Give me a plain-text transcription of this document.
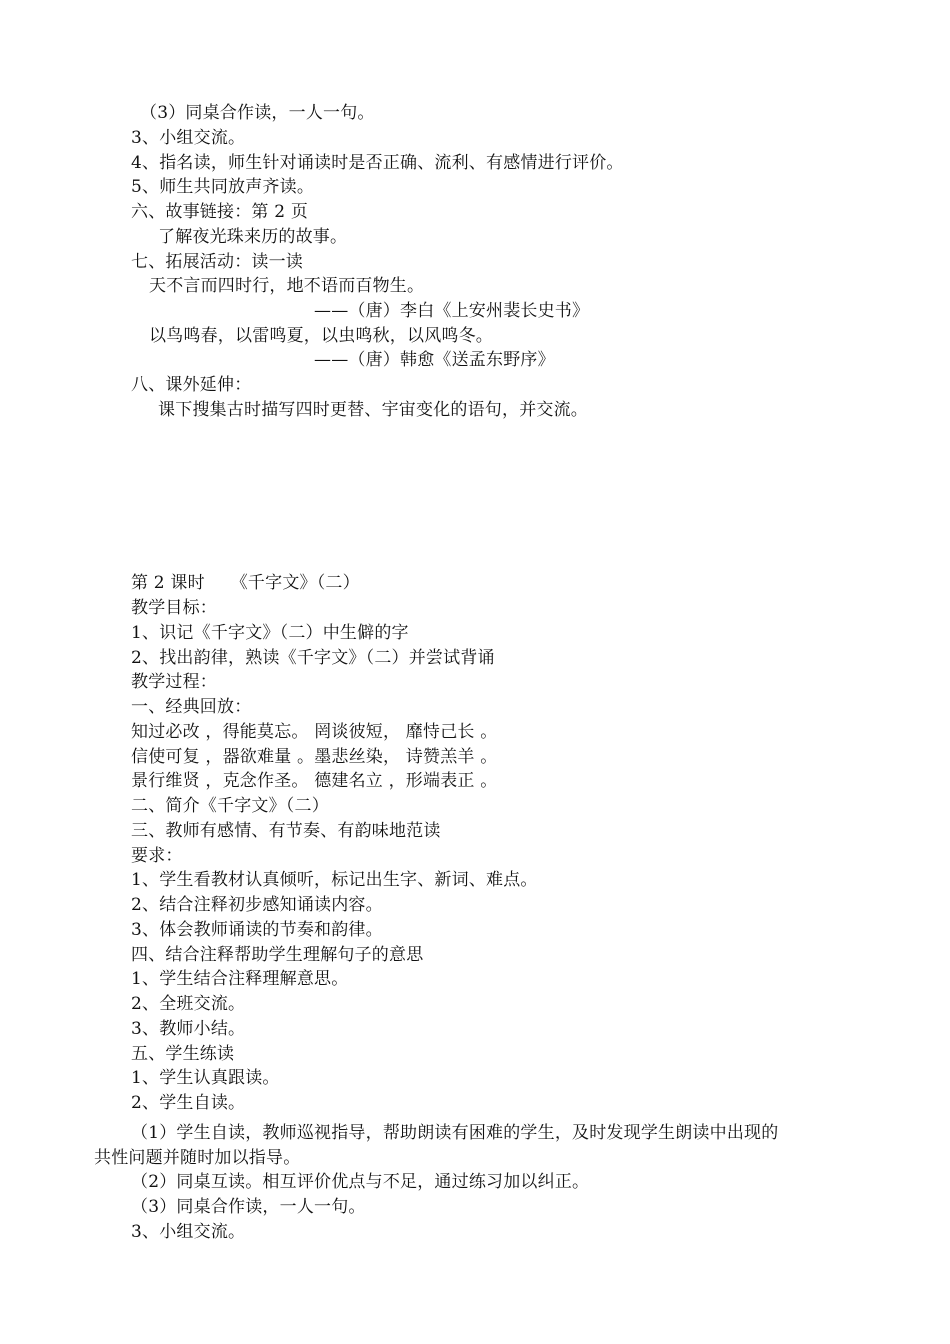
（3）同桌合作读，一人一句。
3、小组交流。
4、指名读，师生针对诵读时是否正确、流利、有感情进行评价。
5、师生共同放声齐读。
六、故事链接：第 2 页
了解夜光珠来历的故事。
七、拓展活动：读一读
天不言而四时行，地不语而百物生。
——（唐）李白《上安州裴长史书》
以鸟鸣春，以雷鸣夏，以虫鸣秋，以风鸣冬。
——（唐）韩愈《送孟东野序》
八、课外延伸：
课下搜集古时描写四时更替、宇宙变化的语句，并交流。
第 2 课时　　《千字文》（二）
教学目标：
1、识记《千字文》（二）中生僻的字
2、找出韵律，熟读《千字文》（二）并尝试背诵
教学过程：
一、经典回放：
知过必改 ，得能莫忘。 罔谈彼短， 靡恃己长 。
信使可复 ，器欲难量 。墨悲丝染， 诗赞羔羊 。
景行维贤 ，克念作圣。 德建名立 ，形端表正 。
二、简介《千字文》（二）
三、教师有感情、有节奏、有韵味地范读
要求：
1、学生看教材认真倾听，标记出生字、新词、难点。
2、结合注释初步感知诵读内容。
3、体会教师诵读的节奏和韵律。
四、结合注释帮助学生理解句子的意思
1、学生结合注释理解意思。
2、全班交流。
3、教师小结。
五、学生练读
1、学生认真跟读。
2、学生自读。
（1）学生自读，教师巡视指导，帮助朗读有困难的学生，及时发现学生朗读中出现的
共性问题并随时加以指导。
（2）同桌互读。相互评价优点与不足，通过练习加以纠正。
（3）同桌合作读，一人一句。
3、小组交流。
